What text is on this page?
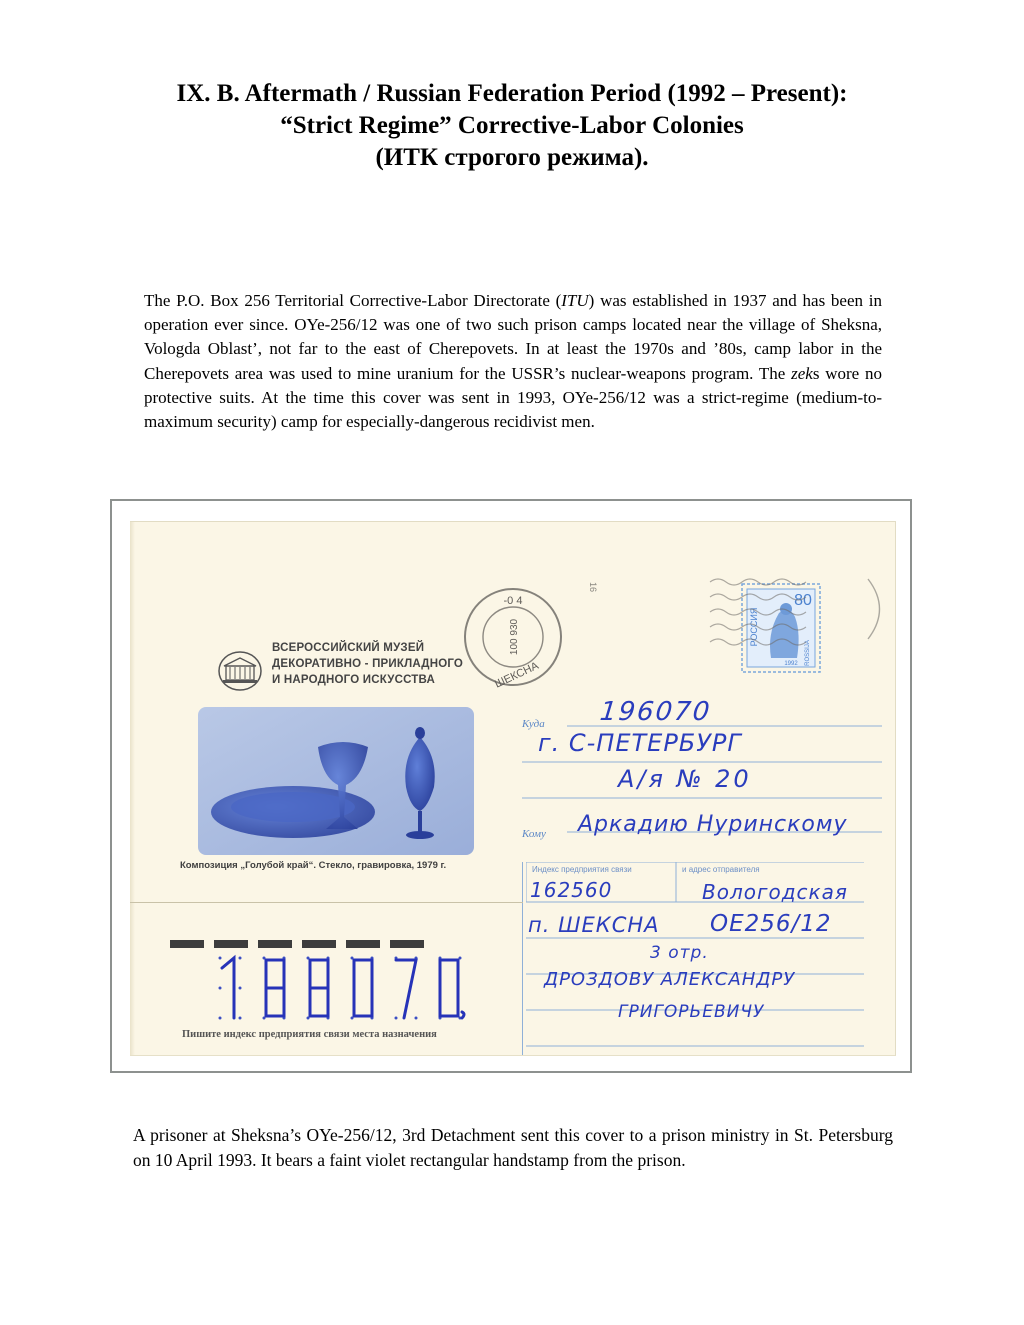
IX. B. Aftermath / Russian Federation Period (1992 – Present):
“Strict Regime” Corrective-Labor Colonies
(ИТК строгого режима).
The P.O. Box 256 Territorial Corrective-Labor Directorate (ITU) was established in 1937 and has been in operation ever since. OYe-256/12 was one of two such prison camps located near the village of Sheksna, Vologda Oblast’, not far to the east of Cherepovets. In at least the 1970s and ’80s, camp labor in the Cherepovets area was used to mine uranium for the USSR’s nuclear-weapons program. The zeks wore no protective suits. At the time this cover was sent in 1993, OYe-256/12 was a strict-regime (medium-to-maximum security) camp for especially-dangerous recidivist men.
ВСЕРОССИЙСКИЙ МУЗЕЙ
ДЕКОРАТИВНО - ПРИКЛАДНОГО
И НАРОДНОГО ИСКУССТВА
Композиция „Голубой край“. Стекло, гравировка, 1979 г.
РОССИЯ
ROSSIJA
80
1992
16
-0 4
100 930
ШЕКСНА
Куда
Кому
196070
г. С-ПЕТЕРБУРГ
А/я № 20
Аркадию Нуринскому
Индекс предприятия связи	и адрес отправителя
162560	Вологодская
п. ШЕКСНА ОЕ256/12
3 отр.
ДРОЗДОВУ АЛЕКСАНДРУ
ГРИГОРЬЕВИЧУ
Пишите индекс предприятия связи места назначения
A prisoner at Sheksna’s OYe-256/12, 3rd Detachment sent this cover to a prison ministry in St. Petersburg on 10 April 1993. It bears a faint violet rectangular handstamp from the prison.
